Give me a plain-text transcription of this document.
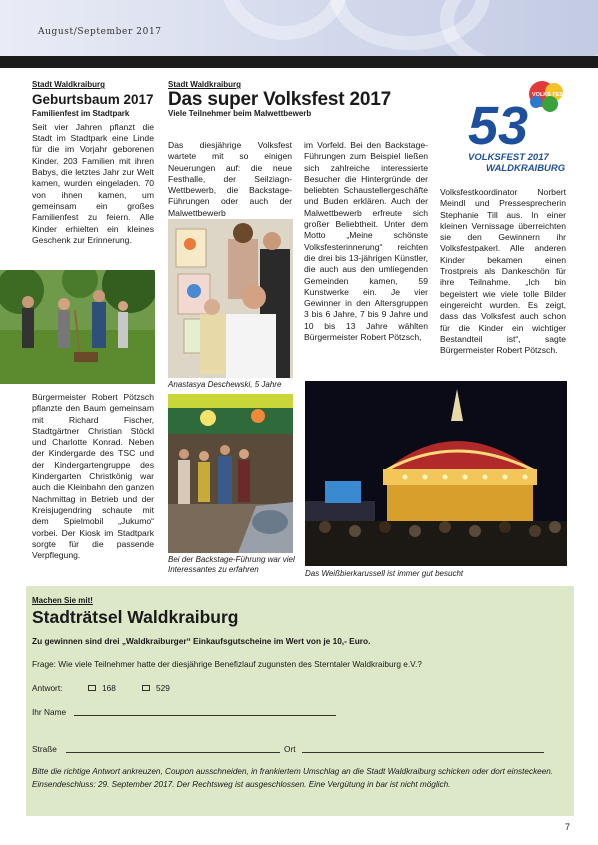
August/September 2017
Stadt Waldkraiburg
Geburtsbaum 2017
Familienfest im Stadtpark
Seit vier Jahren pflanzt die Stadt im Stadtpark eine Linde für die im Vorjahr geborenen Kinder. 203 Familien mit ihren Babys, die letztes Jahr zur Welt kamen, wurden eingeladen. 70 von ihnen kamen, um gemeinsam ein großes Familienfest zu feiern. Alle Kinder erhielten ein kleines Geschenk zur Erinnerung.
Bürgermeister Robert Pötzsch pflanzte den Baum gemeinsam mit Richard Fischer, Stadtgärtner Christian Stöckl und Charlotte Konrad. Neben der Kindergarde des TSC und der Kindergartengruppe des Kindergarten Christkönig war auch die Kleinbahn den ganzen Nachmittag in Betrieb und der Kreisjugendring schaute mit dem Spielmobil „Jukumo“ vorbei. Der Kiosk im Stadtpark sorgte für die passende Verpflegung.
Stadt Waldkraiburg
Das super Volksfest 2017
Viele Teilnehmer beim Malwettbewerb
Das diesjährige Volksfest wartete mit so einigen Neuerungen auf: die neue Festhalle, der Seilziagn-Wettbewerb, die Backstage-Führungen oder auch der Malwettbewerb
im Vorfeld. Bei den Backstage-Führungen zum Beispiel ließen sich zahlreiche interessierte Besucher die Hintergründe der beliebten Schaustellergeschäfte und Buden erklären. Auch der Malwettbewerb erfreute sich großer Beliebtheit. Unter dem Motto „Meine schönste Volksfesterinnerung“ reichten die drei bis 13-jährigen Künstler, die auch aus den umliegenden Gemeinden kamen, 59 Kunstwerke ein. Je vier Gewinner in den Altersgruppen 3 bis 6 Jahre, 7 bis 9 Jahre und 10 bis 13 Jahre wählten Bürgermeister Robert Pötzsch,
Volksfestkoordinator Norbert Meindl und Pressesprecherin Stephanie Till aus. In einer kleinen Vernissage überreichten sie den Gewinnern ihr Volksfestpakerl. Alle anderen Kinder bekamen einen Trostpreis als Dankeschön für ihre Teilnahme. „Ich bin begeistert wie viele tolle Bilder eingereicht wurden. Es zeigt, dass das Volksfest auch schon für die Kinder ein wichtiger Bestandteil ist“, sagte Bürgermeister Robert Pötzsch.
VOLKS FEST
53
VOLKSFEST 2017
WALDKRAIBURG
Anastasya Deschewski, 5 Jahre
Bei der Backstage-Führung war viel Interessantes zu erfahren	Das Weißbierkarussell ist immer gut besucht
Machen Sie mit!
Stadträtsel Waldkraiburg
Zu gewinnen sind drei „Waldkraiburger“ Einkaufsgutscheine im Wert von je 10,- Euro.
Frage: Wie viele Teilnehmer hatte der diesjährige Benefizlauf zugunsten des Sterntaler Waldkraiburg e.V.?
Antwort:	168	529
Ihr Name
Straße	Ort
Bitte die richtige Antwort ankreuzen, Coupon ausschneiden, in frankiertem Umschlag an die Stadt Waldkraiburg schicken oder dort einsteckeen. Einsendeschluss: 29. September 2017. Der Rechtsweg ist ausgeschlossen. Eine Vergütung in bar ist nicht möglich.
7
